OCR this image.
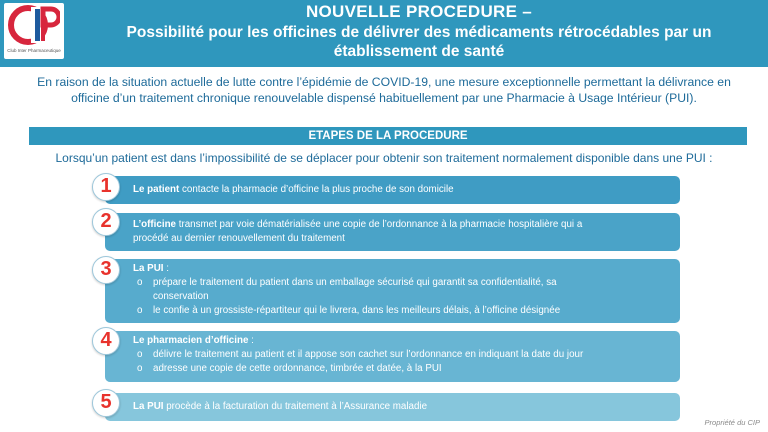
Club Inter Pharmaceutique
NOUVELLE PROCEDURE –
Possibilité pour les officines de délivrer des médicaments rétrocédables par un
établissement de santé
En raison de la situation actuelle de lutte contre l’épidémie de COVID-19, une mesure exceptionnelle permettant la délivrance en
officine d’un traitement chronique renouvelable dispensé habituellement par une Pharmacie à Usage Intérieur (PUI).
ETAPES DE LA PROCEDURE
Lorsqu’un patient est dans l’impossibilité de se déplacer pour obtenir son traitement normalement disponible dans une PUI :
Le patient contacte la pharmacie d’officine la plus proche de son domicile
1
L’officine transmet par voie dématérialisée une copie de l’ordonnance à la pharmacie hospitalière qui a
procédé au dernier renouvellement du traitement
2
La PUI :
o prépare le traitement du patient dans un emballage sécurisé qui garantit sa confidentialité, sa
conservation
o le confie à un grossiste-répartiteur qui le livrera, dans les meilleurs délais, à l’officine désignée
3
Le pharmacien d’officine :
o délivre le traitement au patient et il appose son cachet sur l’ordonnance en indiquant la date du jour
o adresse une copie de cette ordonnance, timbrée et datée, à la PUI
4
La PUI procède à la facturation du traitement à l’Assurance maladie
5
Propriété du CIP
